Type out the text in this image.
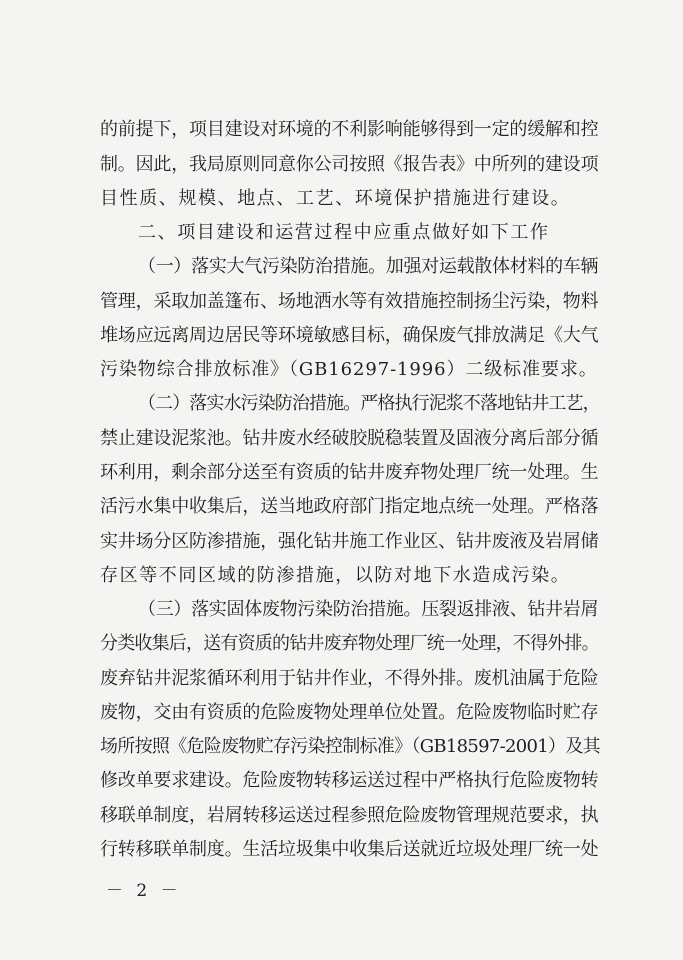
的前提下，项目建设对环境的不利影响能够得到一定的缓解和控
制。因此，我局原则同意你公司按照《报告表》中所列的建设项
目性质、规模、地点、工艺、环境保护措施进行建设。
二、项目建设和运营过程中应重点做好如下工作
（一）落实大气污染防治措施。加强对运载散体材料的车辆
管理，采取加盖篷布、场地洒水等有效措施控制扬尘污染，物料
堆场应远离周边居民等环境敏感目标，确保废气排放满足《大气
污染物综合排放标准》（GB16297-1996）二级标准要求。
（二）落实水污染防治措施。严格执行泥浆不落地钻井工艺，
禁止建设泥浆池。钻井废水经破胶脱稳装置及固液分离后部分循
环利用，剩余部分送至有资质的钻井废弃物处理厂统一处理。生
活污水集中收集后，送当地政府部门指定地点统一处理。严格落
实井场分区防渗措施，强化钻井施工作业区、钻井废液及岩屑储
存区等不同区域的防渗措施，以防对地下水造成污染。
（三）落实固体废物污染防治措施。压裂返排液、钻井岩屑
分类收集后，送有资质的钻井废弃物处理厂统一处理，不得外排。
废弃钻井泥浆循环利用于钻井作业，不得外排。废机油属于危险
废物，交由有资质的危险废物处理单位处置。危险废物临时贮存
场所按照《危险废物贮存污染控制标准》（GB18597-2001）及其
修改单要求建设。危险废物转移运送过程中严格执行危险废物转
移联单制度，岩屑转移运送过程参照危险废物管理规范要求，执
行转移联单制度。生活垃圾集中收集后送就近垃圾处理厂统一处
－ 2 －
